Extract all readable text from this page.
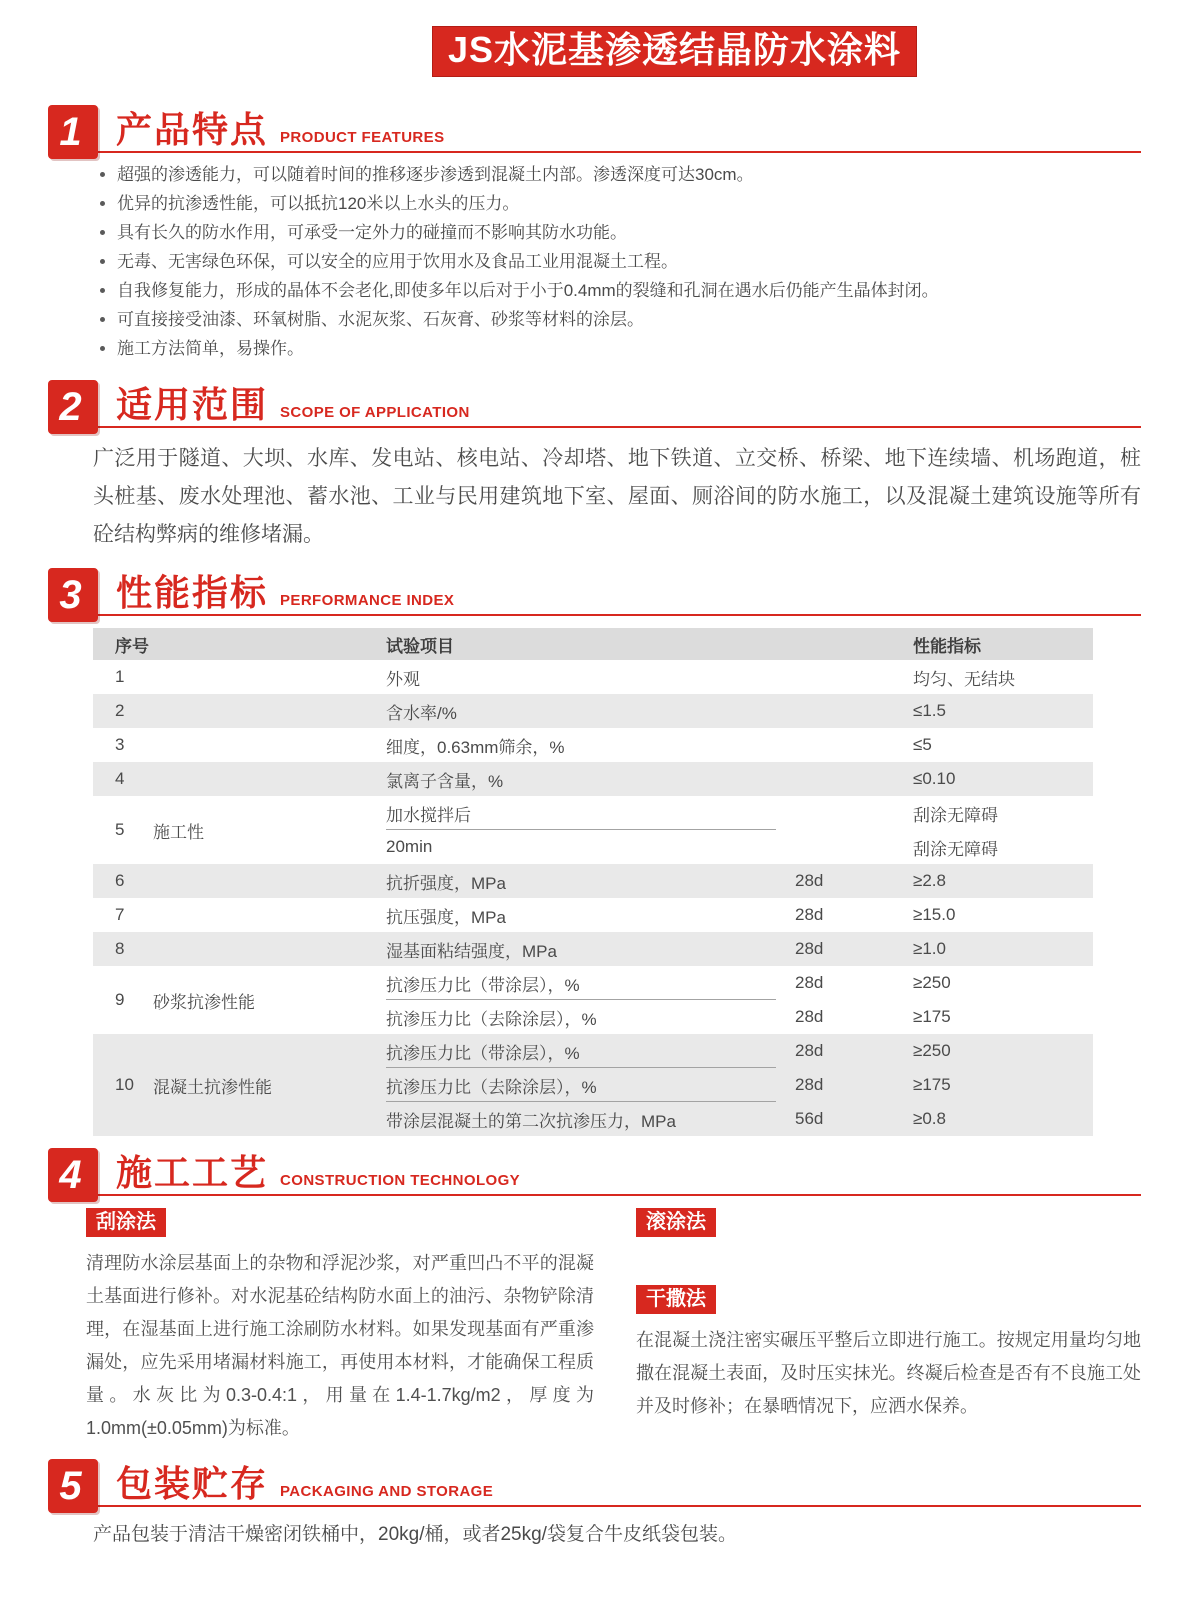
JS水泥基渗透结晶防水涂料
1 产品特点 PRODUCT FEATURES
超强的渗透能力，可以随着时间的推移逐步渗透到混凝土内部。渗透深度可达30cm。
优异的抗渗透性能，可以抵抗120米以上水头的压力。
具有长久的防水作用，可承受一定外力的碰撞而不影响其防水功能。
无毒、无害绿色环保，可以安全的应用于饮用水及食品工业用混凝土工程。
自我修复能力，形成的晶体不会老化,即使多年以后对于小于0.4mm的裂缝和孔洞在遇水后仍能产生晶体封闭。
可直接接受油漆、环氧树脂、水泥灰浆、石灰膏、砂浆等材料的涂层。
施工方法简单，易操作。
2 适用范围 SCOPE OF APPLICATION

广泛用于隧道、大坝、水库、发电站、核电站、冷却塔、地下铁道、立交桥、桥梁、地下连续墙、机场跑道，桩头桩基、废水处理池、蓄水池、工业与民用建筑地下室、屋面、厕浴间的防水施工，以及混凝土建筑设施等所有砼结构弊病的维修堵漏。

3 性能指标 PERFORMANCE INDEX
序号	试验项目	性能指标
1	外观	均匀、无结块
2	含水率/%	≤1.5
3	细度，0.63mm筛余，%	≤5
4	氯离子含量，%	≤0.10
5	施工性
加水搅拌后	刮涂无障碍
20min	刮涂无障碍
6	抗折强度，MPa	28d	≥2.8
7	抗压强度，MPa	28d	≥15.0
8	湿基面粘结强度，MPa	28d	≥1.0
9	砂浆抗渗性能
抗渗压力比（带涂层），%	28d	≥250
抗渗压力比（去除涂层），%	28d	≥175
10	混凝土抗渗性能
抗渗压力比（带涂层），%	28d	≥250
抗渗压力比（去除涂层），%	28d	≥175
带涂层混凝土的第二次抗渗压力，MPa	56d	≥0.8
4 施工工艺 CONSTRUCTION TECHNOLOGY
刮涂法

清理防水涂层基面上的杂物和浮泥沙浆，对严重凹凸不平的混凝土基面进行修补。对水泥基砼结构防水面上的油污、杂物铲除清理，在湿基面上进行施工涂刷防水材料。如果发现基面有严重渗漏处，应先采用堵漏材料施工，再使用本材料，才能确保工程质量。水灰比为0.3-0.4:1，用量在1.4-1.7kg/m2，厚度为1.0mm(±0.05mm)为标准。

滚涂法
干撒法

在混凝土浇注密实碾压平整后立即进行施工。按规定用量均匀地撒在混凝土表面，及时压实抹光。终凝后检查是否有不良施工处并及时修补；在暴晒情况下，应洒水保养。

5 包装贮存 PACKAGING AND STORAGE

产品包装于清洁干燥密闭铁桶中，20kg/桶，或者25kg/袋复合牛皮纸袋包装。
